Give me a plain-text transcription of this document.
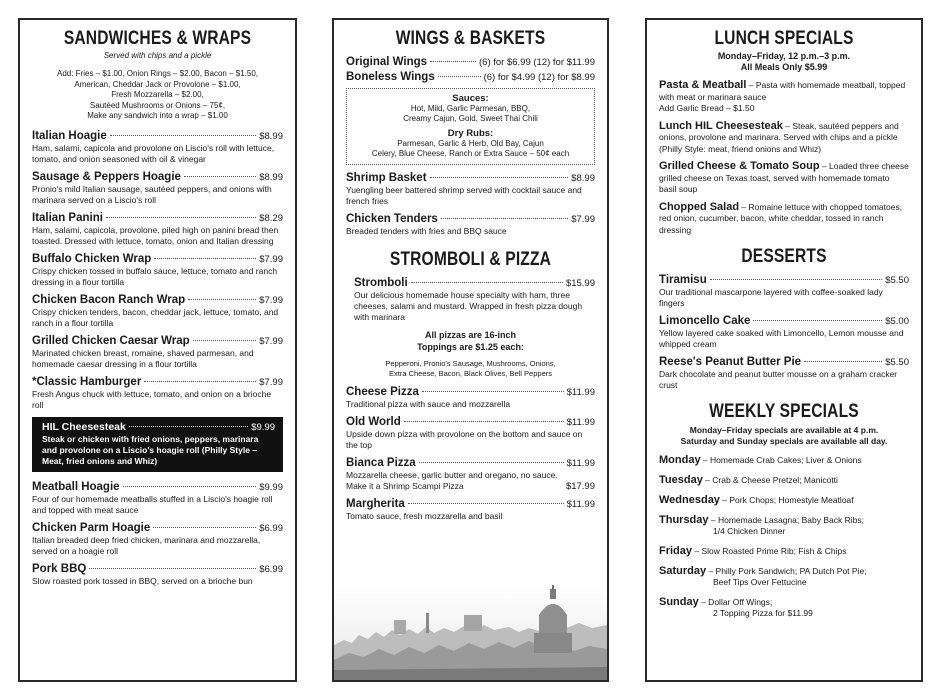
SANDWICHES & WRAPS
Served with chips and a pickle
Add: Fries – $1.00, Onion Rings – $2.00, Bacon – $1.50,
American, Cheddar Jack or Provolone – $1.00,
Fresh Mozzarella – $2.00,
Sautéed Mushrooms or Onions – 75¢,
Make any sandwich into a wrap – $1.00
Italian Hoagie	$8.99
Ham, salami, capicola and provolone on Liscio's roll with lettuce, tomato, and onion seasoned with oil & vinegar
Sausage & Peppers Hoagie	$8.99
Pronio's mild Italian sausage, sautéed peppers, and onions with marinara served on a Liscio's roll
Italian Panini	$8.29
Ham, salami, capicola, provolone, piled high on panini bread then toasted. Dressed with lettuce, tomato, onion and Italian dressing
Buffalo Chicken Wrap	$7.99
Crispy chicken tossed in buffalo sauce, lettuce, tomato and ranch dressing in a flour tortilla
Chicken Bacon Ranch Wrap	$7.99
Crispy chicken tenders, bacon, cheddar jack, lettuce, tomato, and ranch in a flour tortilla
Grilled Chicken Caesar Wrap	$7.99
Marinated chicken breast, romaine, shaved parmesan, and homemade caesar dressing in a flour tortilla
*Classic Hamburger	$7.99
Fresh Angus chuck with lettuce, tomato, and onion on a brioche roll
HIL Cheesesteak	$9.99
Steak or chicken with fried onions, peppers, marinara and provolone on a Liscio's hoagie roll (Philly Style – Meat, fried onions and Whiz)
Meatball Hoagie	$9.99
Four of our homemade meatballs stuffed in a Liscio's hoagie roll and topped with meat sauce
Chicken Parm Hoagie	$6.99
Italian breaded deep fried chicken, marinara and mozzarella, served on a hoagie roll
Pork BBQ	$6.99
Slow roasted pork tossed in BBQ, served on a brioche bun
WINGS & BASKETS
Original Wings	(6) for $6.99 (12) for $11.99
Boneless Wings	(6) for $4.99 (12) for $8.99
Sauces:
Hot, Mild, Garlic Parmesan, BBQ,
Creamy Cajun, Gold, Sweet Thai Chili
Dry Rubs:
Parmesan, Garlic & Herb, Old Bay, Cajun
Celery, Blue Cheese, Ranch or Extra Sauce – 50¢ each
Shrimp Basket	$8.99
Yuengling beer battered shrimp served with cocktail sauce and french fries
Chicken Tenders	$7.99
Breaded tenders with fries and BBQ sauce
STROMBOLI & PIZZA
Stromboli	$15.99
Our delicious homemade house specialty with ham, three cheeses, salami and mustard. Wrapped in fresh pizza dough with marinara
All pizzas are 16-inch
Toppings are $1.25 each:
Pepperoni, Pronio's Sausage, Mushrooms, Onions,
Extra Cheese, Bacon, Black Olives, Bell Peppers
Cheese Pizza	$11.99
Traditional pizza with sauce and mozzarella
Old World	$11.99
Upside down pizza with provolone on the bottom and sauce on the top
Bianca Pizza	$11.99
Mozzarella cheese, garlic butter and oregano, no sauce. Make it a Shrimp Scampi Pizza	$17.99
Margherita	$11.99
Tomato sauce, fresh mozzarella and basil
LUNCH SPECIALS
Monday–Friday, 12 p.m.–3 p.m.
All Meals Only $5.99
Pasta & Meatball – Pasta with homemade meatball, topped with meat or marinara sauce
Add Garlic Bread – $1.50
Lunch HIL Cheesesteak – Steak, sautéed peppers and onions, provolone and marinara. Served with chips and a pickle (Philly Style: meat, friend onions and Whiz)
Grilled Cheese & Tomato Soup – Loaded three cheese grilled cheese on Texas toast, served with homemade tomato basil soup
Chopped Salad – Romaine lettuce with chopped tomatoes, red onion, cucumber, bacon, white cheddar, tossed in ranch dressing
DESSERTS
Tiramisu	$5.50
Our traditional mascarpone layered with coffee-soaked lady fingers
Limoncello Cake	$5.00
Yellow layered cake soaked with Limoncello, Lemon mousse and whipped cream
Reese's Peanut Butter Pie	$5.50
Dark chocolate and peanut butter mousse on a graham cracker crust
WEEKLY SPECIALS
Monday–Friday specials are available at 4 p.m.
Saturday and Sunday specials are available all day.
Monday – Homemade Crab Cakes; Liver & Onions
Tuesday – Crab & Cheese Pretzel; Manicotti
Wednesday – Pork Chops; Homestyle Meatloaf
Thursday – Homemade Lasagna; Baby Back Ribs;
1/4 Chicken Dinner
Friday – Slow Roasted Prime Rib; Fish & Chips
Saturday – Philly Pork Sandwich; PA Dutch Pot Pie;
Beef Tips Over Fettucine
Sunday – Dollar Off Wings;
2 Topping Pizza for $11.99
